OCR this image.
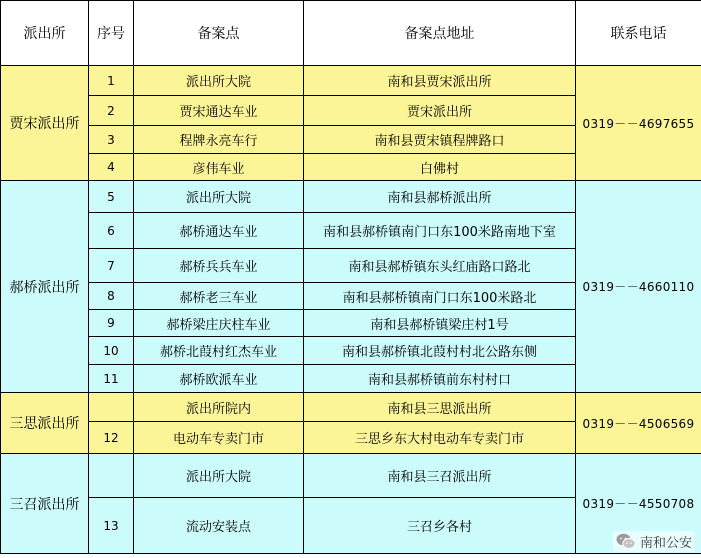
派出所	序号	备案点	备案点地址	联系电话
贾宋派出所	1	派出所大院	南和县贾宋派出所	0319－－4697655
	2	贾宋通达车业	贾宋派出所	
	3	程牌永亮车行	南和县贾宋镇程牌路口	
	4	彦伟车业	白佛村	
郝桥派出所	5	派出所大院	南和县郝桥派出所	0319－－4660110
	6	郝桥通达车业	南和县郝桥镇南门口东100米路南地下室	
	7	郝桥兵兵车业	南和县郝桥镇东头红庙路口路北	
	8	郝桥老三车业	南和县郝桥镇南门口东100米路北	
	9	郝桥梁庄庆柱车业	南和县郝桥镇梁庄村1号	
	10	郝桥北葭村红杰车业	南和县郝桥镇北葭村村北公路东侧	
	11	郝桥欧派车业	南和县郝桥镇前东村村口	
三思派出所		派出所院内	南和县三思派出所	0319－－4506569
	12	电动车专卖门市	三思乡东大村电动车专卖门市	
三召派出所		派出所大院	南和县三召派出所	0319－－4550708
	13	流动安装点	三召乡各村	
南和公安
